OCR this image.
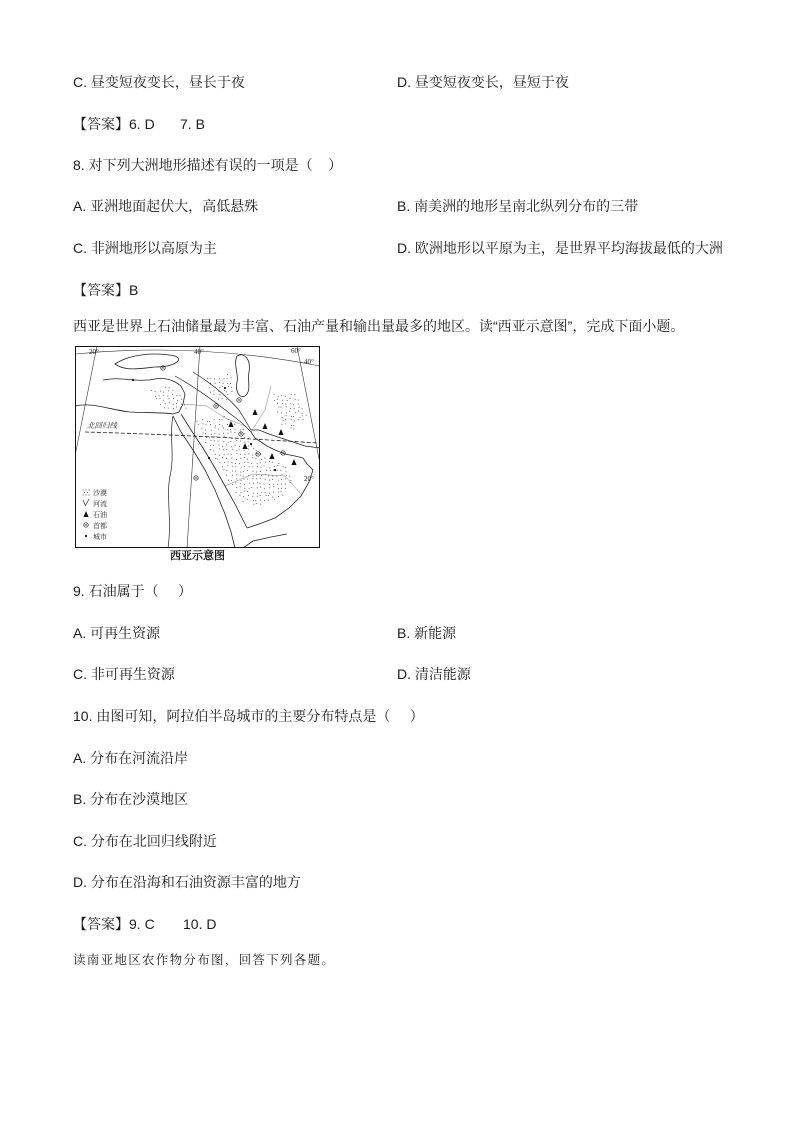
C. 昼变短夜变长，昼长于夜	D. 昼变短夜变长，昼短于夜
【答案】6. D 7. B
8. 对下列大洲地形描述有误的一项是（    ）
A. 亚洲地面起伏大，高低悬殊	B. 南美洲的地形呈南北纵列分布的三带
C. 非洲地形以高原为主	D. 欧洲地形以平原为主，是世界平均海拔最低的大洲
【答案】B
西亚是世界上石油储量最为丰富、石油产量和输出量最多的地区。读“西亚示意图”，完成下面小题。
20°	40°	60°
40°
20°
北回归线
沙漠
河流
石油
首都
城市
西亚示意图
9. 石油属于（     ）
A. 可再生资源	B. 新能源
C. 非可再生资源	D. 清洁能源
10. 由图可知，阿拉伯半岛城市的主要分布特点是（     ）
A. 分布在河流沿岸
B. 分布在沙漠地区
C. 分布在北回归线附近
D. 分布在沿海和石油资源丰富的地方
【答案】9. C 10. D
读南亚地区农作物分布图，回答下列各题。
